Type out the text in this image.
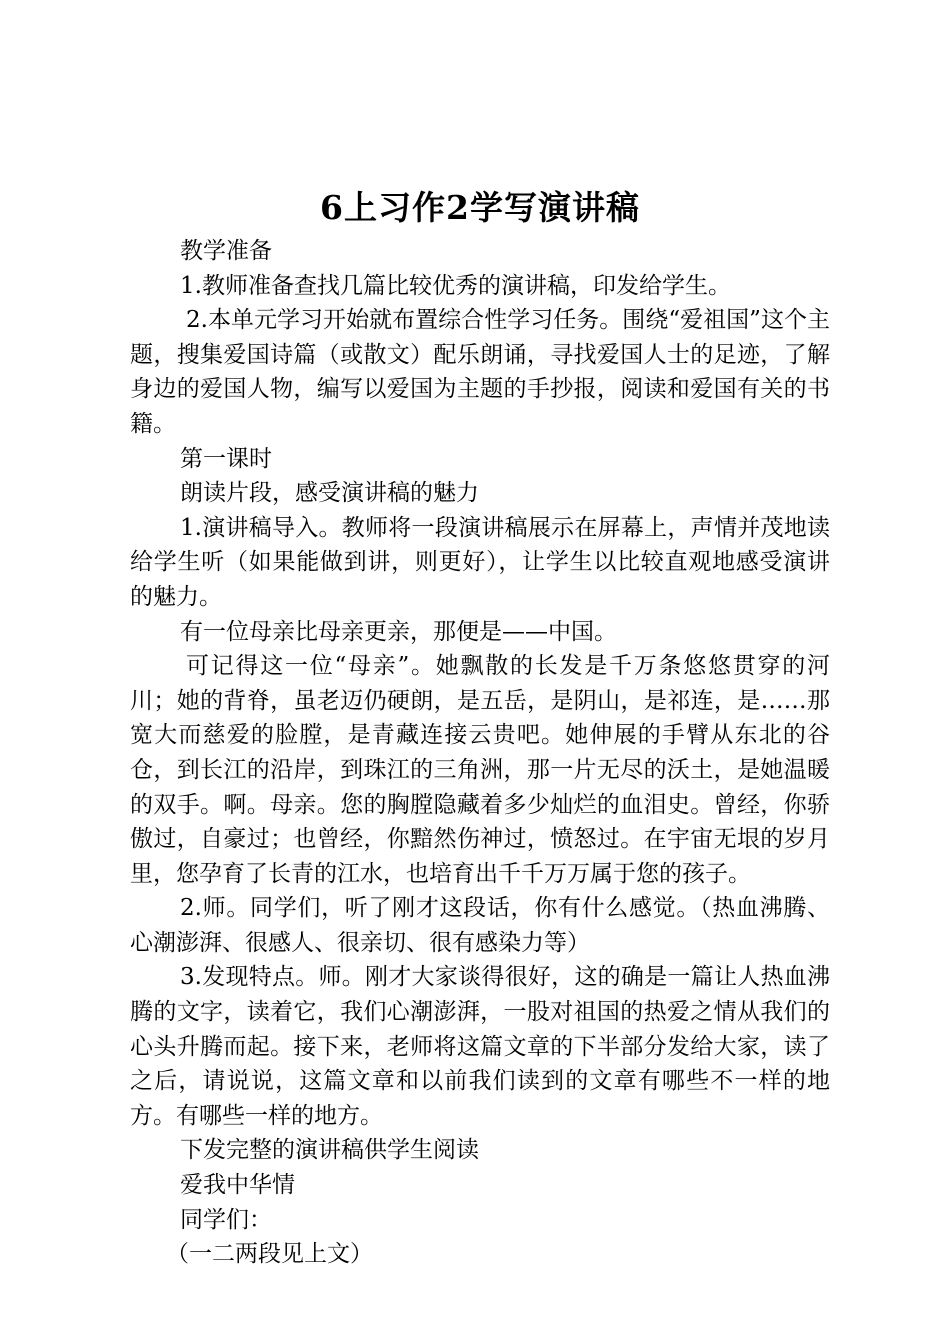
6上习作2学写演讲稿

教学准备

1.教师准备查找几篇比较优秀的演讲稿，印发给学生。

2.本单元学习开始就布置综合性学习任务。围绕“爱祖国”这个主题，搜集爱国诗篇（或散文）配乐朗诵，寻找爱国人士的足迹，了解身边的爱国人物，编写以爱国为主题的手抄报，阅读和爱国有关的书籍。

第一课时

朗读片段，感受演讲稿的魅力

1.演讲稿导入。教师将一段演讲稿展示在屏幕上，声情并茂地读给学生听（如果能做到讲，则更好），让学生以比较直观地感受演讲的魅力。

有一位母亲比母亲更亲，那便是——中国。

可记得这一位“母亲”。她飘散的长发是千万条悠悠贯穿的河川；她的背脊，虽老迈仍硬朗，是五岳，是阴山，是祁连，是……那宽大而慈爱的脸膛，是青藏连接云贵吧。她伸展的手臂从东北的谷仓，到长江的沿岸，到珠江的三角洲，那一片无尽的沃土，是她温暖的双手。啊。母亲。您的胸膛隐藏着多少灿烂的血泪史。曾经，你骄傲过，自豪过；也曾经，你黯然伤神过，愤怒过。在宇宙无垠的岁月里，您孕育了长青的江水，也培育出千千万万属于您的孩子。

2.师。同学们，听了刚才这段话，你有什么感觉。（热血沸腾、心潮澎湃、很感人、很亲切、很有感染力等）

3.发现特点。师。刚才大家谈得很好，这的确是一篇让人热血沸腾的文字，读着它，我们心潮澎湃，一股对祖国的热爱之情从我们的心头升腾而起。接下来，老师将这篇文章的下半部分发给大家，读了之后，请说说，这篇文章和以前我们读到的文章有哪些不一样的地方。有哪些一样的地方。

下发完整的演讲稿供学生阅读

爱我中华情

同学们：

（一二两段见上文）
